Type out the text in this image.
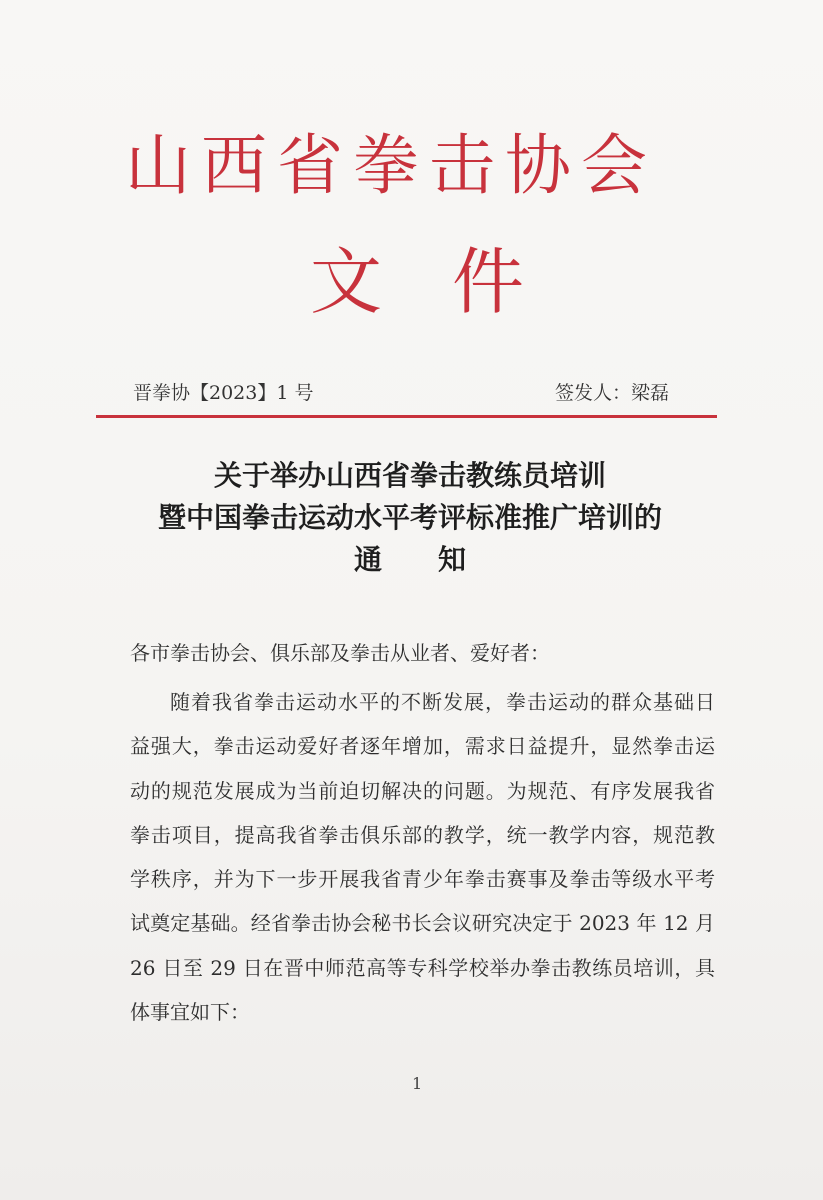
山西省拳击协会
文件
晋拳协【2023】1 号	签发人：梁磊
关于举办山西省拳击教练员培训
暨中国拳击运动水平考评标准推广培训的
通知
各市拳击协会、俱乐部及拳击从业者、爱好者：
随着我省拳击运动水平的不断发展，拳击运动的群众基础日
益强大，拳击运动爱好者逐年增加，需求日益提升，显然拳击运
动的规范发展成为当前迫切解决的问题。为规范、有序发展我省
拳击项目，提高我省拳击俱乐部的教学，统一教学内容，规范教
学秩序，并为下一步开展我省青少年拳击赛事及拳击等级水平考
试奠定基础。经省拳击协会秘书长会议研究决定于 2023 年 12 月
26 日至 29 日在晋中师范高等专科学校举办拳击教练员培训，具
体事宜如下：
1
